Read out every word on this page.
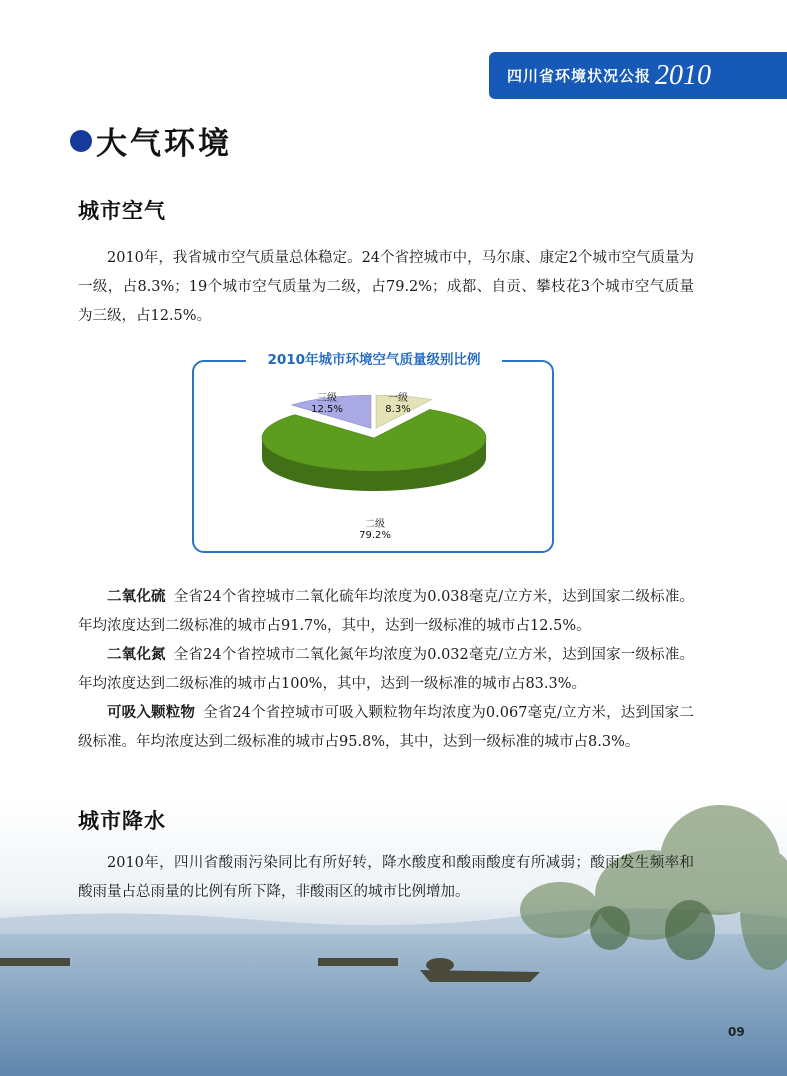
四川省环境状况公报 2010
大气环境
城市空气

2010年，我省城市空气质量总体稳定。24个省控城市中，马尔康、康定2个城市空气质量为一级，占8.3%；19个城市空气质量为二级，占79.2%；成都、自贡、攀枝花3个城市空气质量为三级，占12.5%。

2010年城市环境空气质量级别比例
一级
8.3%
三级
12.5%
二级
79.2%

二氧化硫 全省24个省控城市二氧化硫年均浓度为0.038毫克/立方米，达到国家二级标准。年均浓度达到二级标准的城市占91.7%，其中，达到一级标准的城市占12.5%。

二氧化氮 全省24个省控城市二氧化氮年均浓度为0.032毫克/立方米，达到国家一级标准。年均浓度达到二级标准的城市占100%，其中，达到一级标准的城市占83.3%。

可吸入颗粒物 全省24个省控城市可吸入颗粒物年均浓度为0.067毫克/立方米，达到国家二级标准。年均浓度达到二级标准的城市占95.8%，其中，达到一级标准的城市占8.3%。

城市降水

2010年，四川省酸雨污染同比有所好转，降水酸度和酸雨酸度有所减弱；酸雨发生频率和酸雨量占总雨量的比例有所下降，非酸雨区的城市比例增加。

09
